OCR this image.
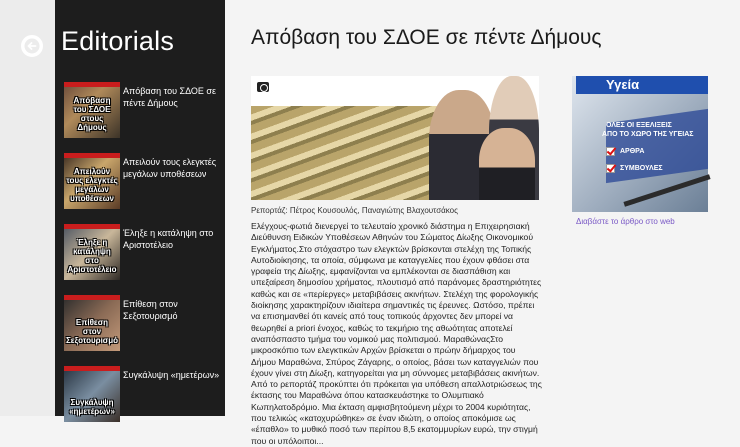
Editorials
Απόβαση του ΣΔΟΕ στους Δήμους
Απόβαση του ΣΔΟΕ σε πέντε Δήμους
Απειλούν τους ελεγκτές μεγάλων υποθέσεων
Απειλούν τους ελεγκτές μεγάλων υποθέσεων
Έληξε η κατάληψη στο Αριστοτέλειο
Έληξε η κατάληψη στο Αριστοτέλειο
Επίθεση στον Σεξοτουρισμό
Επίθεση στον Σεξοτουρισμό
Συγκάλυψη «ημετέρων»
Συγκάλυψη «ημετέρων»
Απόβαση του ΣΔΟΕ σε πέντε Δήμους
Ρεπορτάζ: Πέτρος Κουσουλός, Παναγιώτης Βλαχουτσάκος
Ελέγχους-φωτιά διενεργεί το τελευταίο χρονικό διάστημα η Επιχειρησιακή Διεύθυνση Ειδικών Υποθέσεων Αθηνών του Σώματος Δίωξης Οικονομικού Εγκλήματος.Στο στόχαστρο των ελεγκτών βρίσκονται στελέχη της Τοπικής Αυτοδιοίκησης, τα οποία, σύμφωνα με καταγγελίες που έχουν φθάσει στα γραφεία της Δίωξης, εμφανίζονται να εμπλέκονται σε διασπάθιση και υπεξαίρεση δημοσίου χρήματος, πλουτισμό από παράνομες δραστηριότητες καθώς και σε «περίεργες» μεταβιβάσεις ακινήτων. Στελέχη της φορολογικής διοίκησης χαρακτηρίζουν ιδιαίτερα σημαντικές τις έρευνες. Ωστόσο, πρέπει να επισημανθεί ότι κανείς από τους τοπικούς άρχοντες δεν μπορεί να θεωρηθεί a priori ένοχος, καθώς το τεκμήριο της αθωότητας αποτελεί αναπόσπαστο τμήμα του νομικού μας πολιτισμού. ΜαραθώναςΣτο μικροσκόπιο των ελεγκτικών Αρχών βρίσκεται ο πρώην δήμαρχος του Δήμου Μαραθώνα, Σπύρος Ζάγαρης, ο οποίος, βάσει των καταγγελιών που έχουν γίνει στη Δίωξη, κατηγορείται για μη σύννομες μεταβιβάσεις ακινήτων. Από το ρεπορτάζ προκύπτει ότι πρόκειται για υπόθεση απαλλοτριώσεως της έκτασης του Μαραθώνα όπου κατασκευάστηκε το Ολυμπιακό Κωπηλατοδρόμιο. Μια έκταση αμφισβητούμενη μέχρι το 2004 κυριότητας, που τελικώς «κατοχυρώθηκε» σε έναν ιδιώτη, ο οποίος αποκόμισε ως «έπαθλο» το μυθικό ποσό των περίπου 8,5 εκατομμυρίων ευρώ, την στιγμή που οι υπόλοιποι...
Υγεία
ΟΛΕΣ ΟΙ ΕΞΕΛΙΞΕΙΣ
ΑΠΟ ΤΟ ΧΩΡΟ ΤΗΣ ΥΓΕΙΑΣ
ΑΡΘΡΑ
ΣΥΜΒΟΥΛΕΣ
Διαβάστε το άρθρο στο web
